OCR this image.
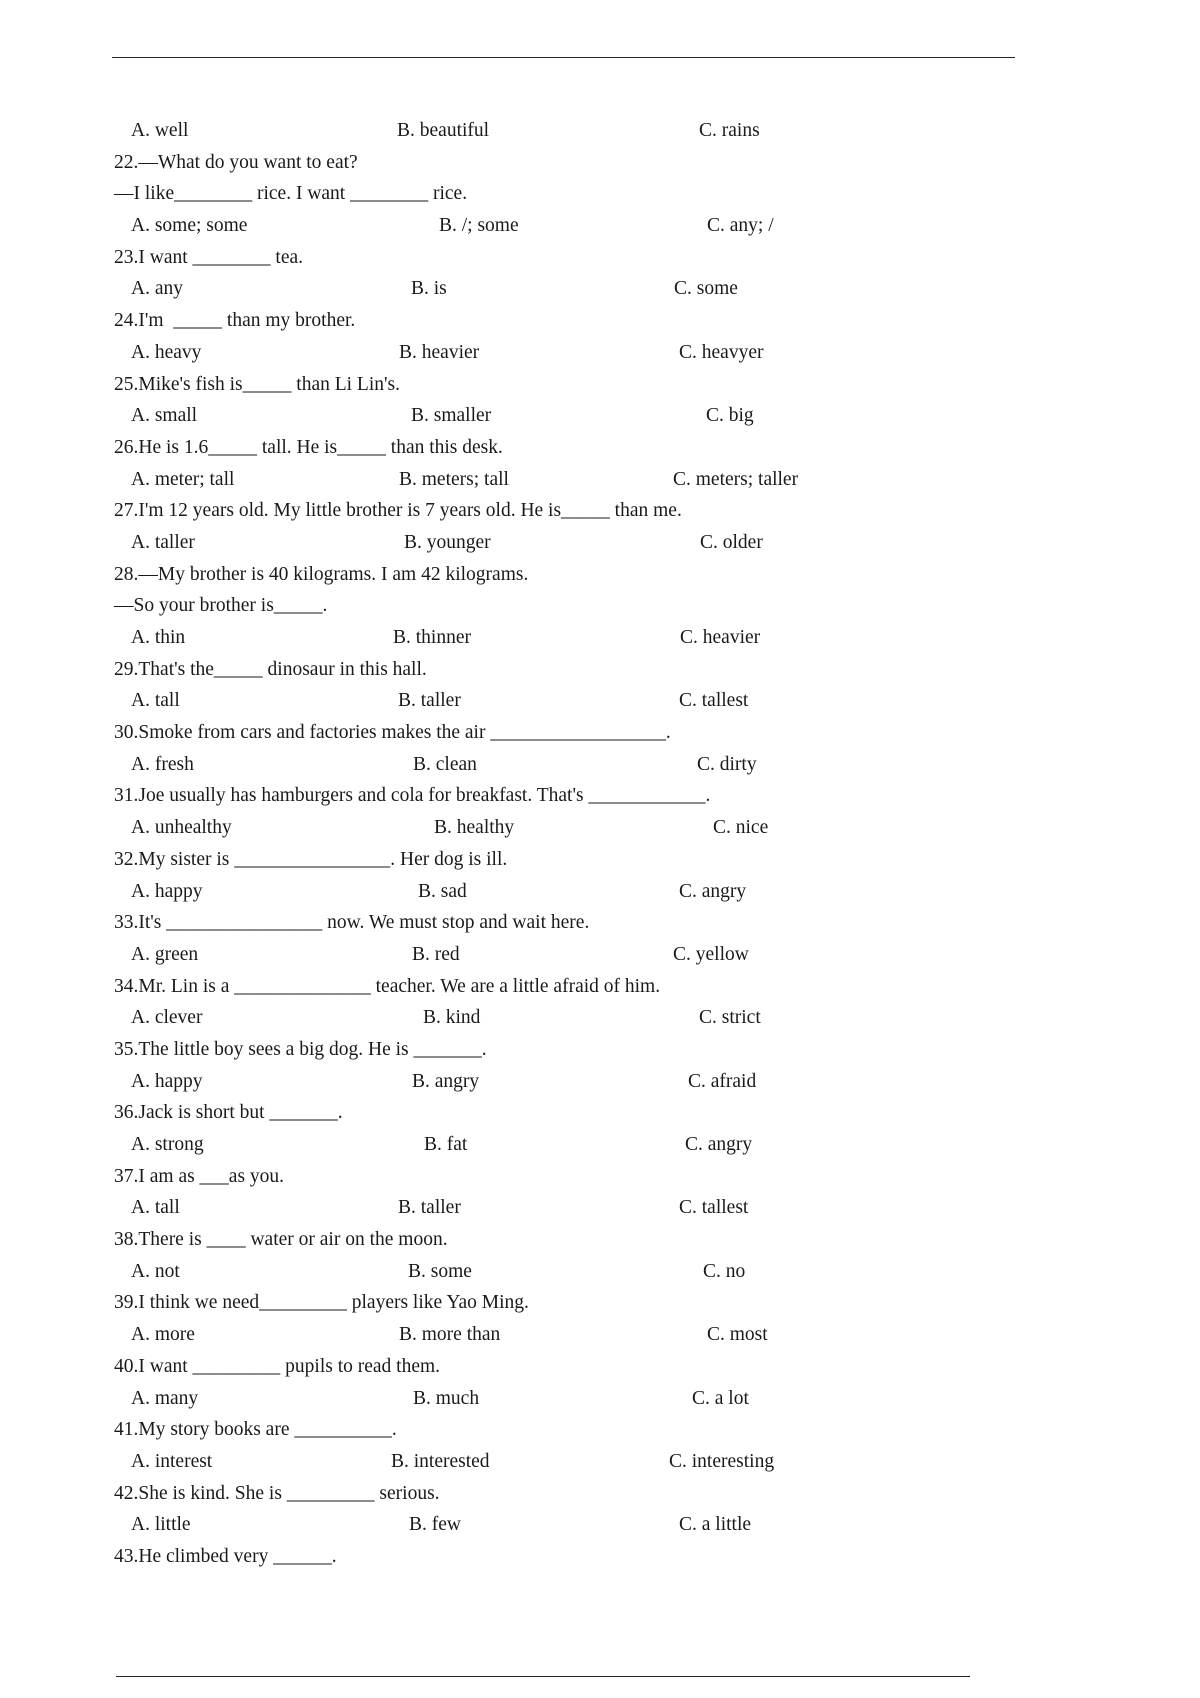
A. well	B. beautiful	C. rains
22.—What do you want to eat?
—I like________ rice. I want ________ rice.
A. some; some	B. /; some	C. any; /
23.I want ________ tea.
A. any	B. is	C. some
24.I'm  _____ than my brother.
A. heavy	B. heavier	C. heavyer
25.Mike's fish is_____ than Li Lin's.
A. small	B. smaller	C. big
26.He is 1.6_____ tall. He is_____ than this desk.
A. meter; tall	B. meters; tall	C. meters; taller
27.I'm 12 years old. My little brother is 7 years old. He is_____ than me.
A. taller	B. younger	C. older
28.—My brother is 40 kilograms. I am 42 kilograms.
—So your brother is_____.
A. thin	B. thinner	C. heavier
29.That's the_____ dinosaur in this hall.
A. tall	B. taller	C. tallest
30.Smoke from cars and factories makes the air __________________.
A. fresh	B. clean	C. dirty
31.Joe usually has hamburgers and cola for breakfast. That's ____________.
A. unhealthy	B. healthy	C. nice
32.My sister is ________________. Her dog is ill.
A. happy	B. sad	C. angry
33.It's ________________ now. We must stop and wait here.
A. green	B. red	C. yellow
34.Mr. Lin is a ______________ teacher. We are a little afraid of him.
A. clever	B. kind	C. strict
35.The little boy sees a big dog. He is _______.
A. happy	B. angry	C. afraid
36.Jack is short but _______.
A. strong	B. fat	C. angry
37.I am as ___as you.
A. tall	B. taller	C. tallest
38.There is ____ water or air on the moon.
A. not	B. some	C. no
39.I think we need_________ players like Yao Ming.
A. more	B. more than	C. most
40.I want _________ pupils to read them.
A. many	B. much	C. a lot
41.My story books are __________.
A. interest	B. interested	C. interesting
42.She is kind. She is _________ serious.
A. little	B. few	C. a little
43.He climbed very ______.
